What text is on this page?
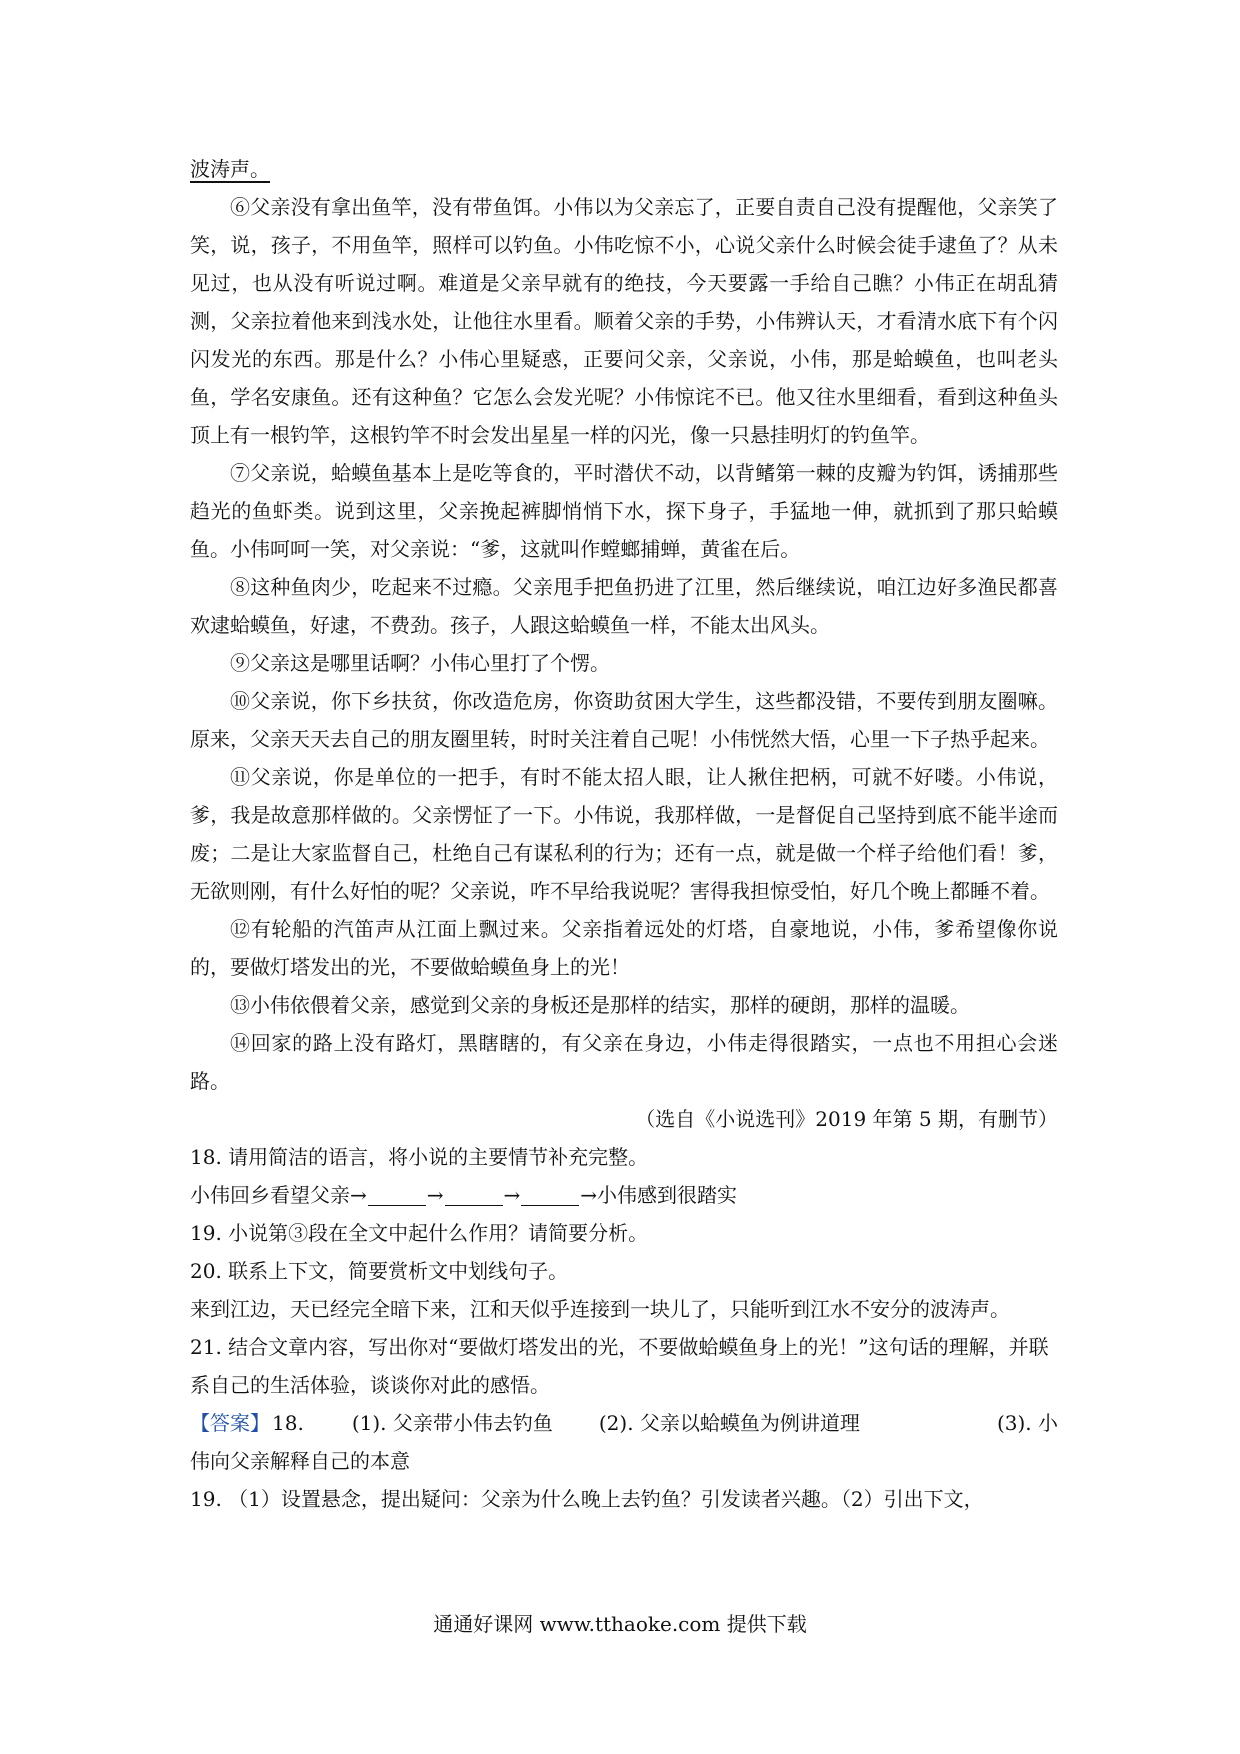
波涛声。

⑥父亲没有拿出鱼竿，没有带鱼饵。小伟以为父亲忘了，正要自责自己没有提醒他，父亲笑了笑，说，孩子，不用鱼竿，照样可以钓鱼。小伟吃惊不小，心说父亲什么时候会徒手逮鱼了？从未见过，也从没有听说过啊。难道是父亲早就有的绝技，今天要露一手给自己瞧？小伟正在胡乱猜测，父亲拉着他来到浅水处，让他往水里看。顺着父亲的手势，小伟辨认天，才看清水底下有个闪闪发光的东西。那是什么？小伟心里疑惑，正要问父亲，父亲说，小伟，那是蛤蟆鱼，也叫老头鱼，学名安康鱼。还有这种鱼？它怎么会发光呢？小伟惊诧不已。他又往水里细看，看到这种鱼头顶上有一根钓竿，这根钓竿不时会发出星星一样的闪光，像一只悬挂明灯的钓鱼竿。

⑦父亲说，蛤蟆鱼基本上是吃等食的，平时潜伏不动，以背鳍第一棘的皮瓣为钓饵，诱捕那些趋光的鱼虾类。说到这里，父亲挽起裤脚悄悄下水，探下身子，手猛地一伸，就抓到了那只蛤蟆鱼。小伟呵呵一笑，对父亲说：“爹，这就叫作螳螂捕蝉，黄雀在后。

⑧这种鱼肉少，吃起来不过瘾。父亲甩手把鱼扔进了江里，然后继续说，咱江边好多渔民都喜欢逮蛤蟆鱼，好逮，不费劲。孩子，人跟这蛤蟆鱼一样，不能太出风头。

⑨父亲这是哪里话啊？小伟心里打了个愣。

⑩父亲说，你下乡扶贫，你改造危房，你资助贫困大学生，这些都没错，不要传到朋友圈嘛。原来，父亲天天去自己的朋友圈里转，时时关注着自己呢！小伟恍然大悟，心里一下子热乎起来。

⑪父亲说，你是单位的一把手，有时不能太招人眼，让人揪住把柄，可就不好喽。小伟说，爹，我是故意那样做的。父亲愣怔了一下。小伟说，我那样做，一是督促自己坚持到底不能半途而废；二是让大家监督自己，杜绝自己有谋私利的行为；还有一点，就是做一个样子给他们看！爹，无欲则刚，有什么好怕的呢？父亲说，咋不早给我说呢？害得我担惊受怕，好几个晚上都睡不着。

⑫有轮船的汽笛声从江面上飘过来。父亲指着远处的灯塔，自豪地说，小伟，爹希望像你说的，要做灯塔发出的光，不要做蛤蟆鱼身上的光！

⑬小伟依偎着父亲，感觉到父亲的身板还是那样的结实，那样的硬朗，那样的温暖。

⑭回家的路上没有路灯，黑瞎瞎的，有父亲在身边，小伟走得很踏实，一点也不用担心会迷路。

（选自《小说选刊》2019 年第 5 期，有删节）
18. 请用简洁的语言，将小说的主要情节补充完整。
小伟回乡看望父亲→	→	→	→小伟感到很踏实
19. 小说第③段在全文中起什么作用？请简要分析。
20. 联系上下文，简要赏析文中划线句子。
来到江边，天已经完全暗下来，江和天似乎连接到一块儿了，只能听到江水不安分的波涛声。

21. 结合文章内容，写出你对“要做灯塔发出的光，不要做蛤蟆鱼身上的光！”这句话的理解，并联系自己的生活体验，谈谈你对此的感悟。

【答案】 18. (1). 父亲带小伟去钓鱼 (2). 父亲以蛤蟆鱼为例讲道理	(3). 小
伟向父亲解释自己的本意
19. （1）设置悬念，提出疑问：父亲为什么晚上去钓鱼？引发读者兴趣。（2）引出下文，
通通好课网 www.tthaoke.com 提供下载
